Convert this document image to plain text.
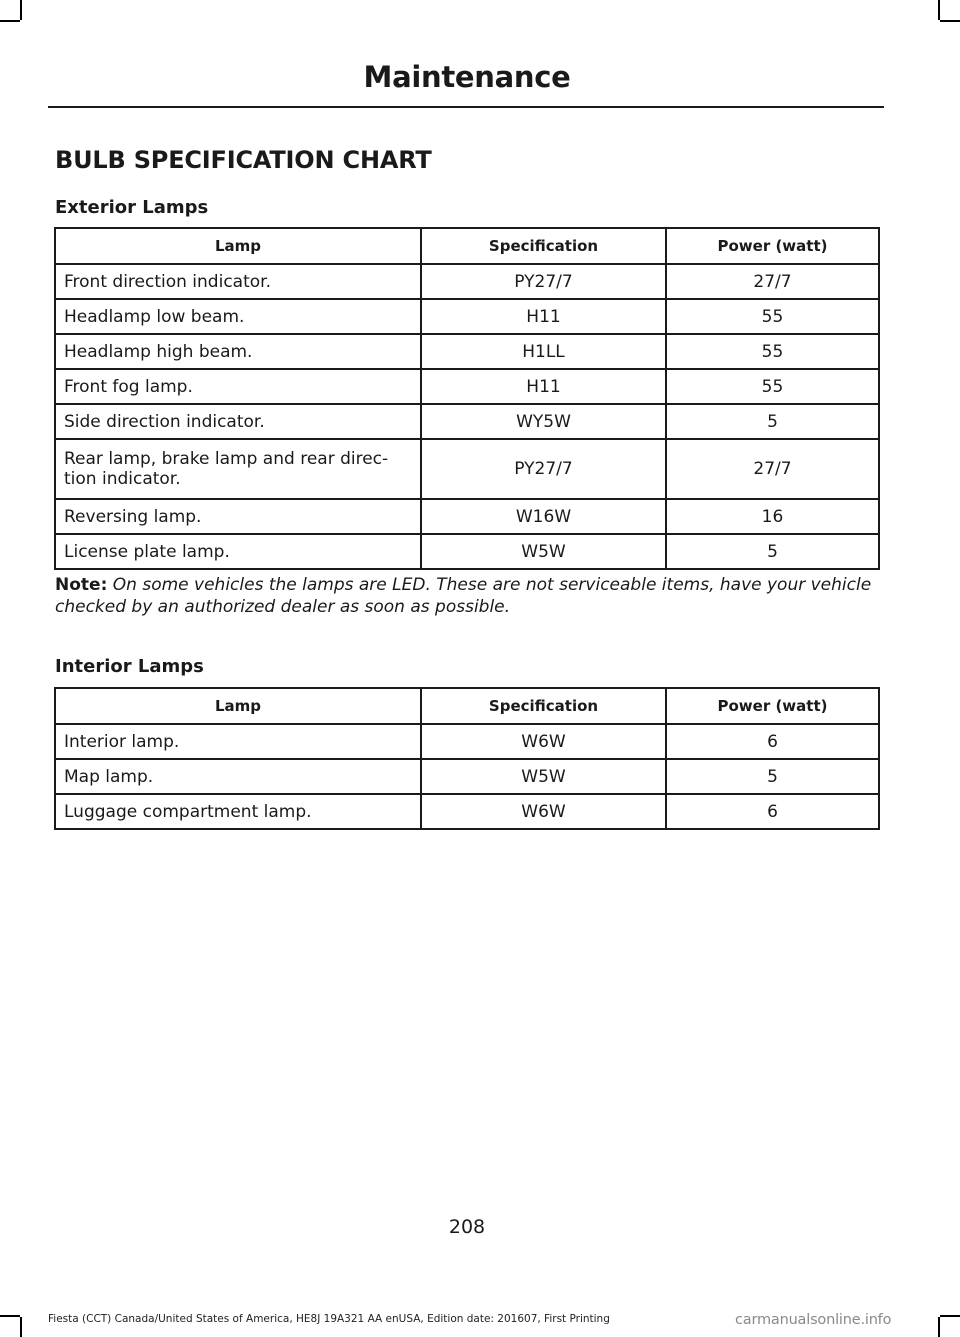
Maintenance
BULB SPECIFICATION CHART
Exterior Lamps
Lamp	Specification	Power (watt)
Front direction indicator.	PY27/7	27/7
Headlamp low beam.	H11	55
Headlamp high beam.	H1LL	55
Front fog lamp.	H11	55
Side direction indicator.	WY5W	5
Rear lamp, brake lamp and rear direc-
tion indicator.	PY27/7	27/7
Reversing lamp.	W16W	16
License plate lamp.	W5W	5
Note: On some vehicles the lamps are LED. These are not serviceable items, have your vehicle checked by an authorized dealer as soon as possible.
Interior Lamps
Lamp	Specification	Power (watt)
Interior lamp.	W6W	6
Map lamp.	W5W	5
Luggage compartment lamp.	W6W	6
208
Fiesta (CCT) Canada/United States of America, HE8J 19A321 AA enUSA, Edition date: 201607, First Printing	carmanualsonline.info
